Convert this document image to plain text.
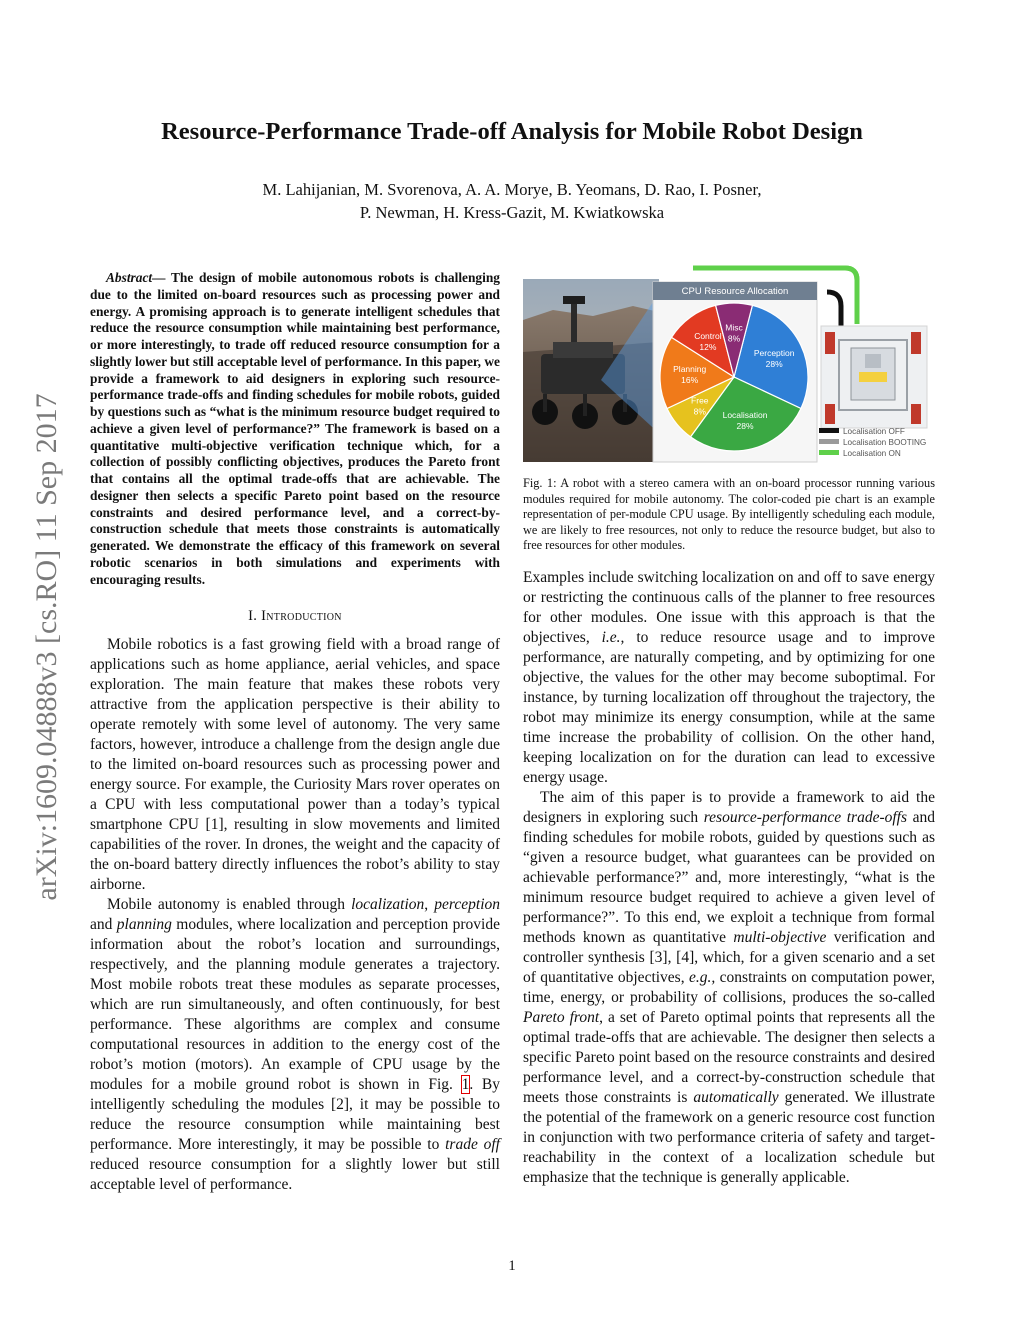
arXiv:1609.04888v3 [cs.RO] 11 Sep 2017
Resource-Performance Trade-off Analysis for Mobile Robot Design
M. Lahijanian, M. Svorenova, A. A. Morye, B. Yeomans, D. Rao, I. Posner,
P. Newman, H. Kress-Gazit, M. Kwiatkowska

Abstract— The design of mobile autonomous robots is challenging due to the limited on-board resources such as processing power and energy. A promising approach is to generate intelligent schedules that reduce the resource consumption while maintaining best performance, or more interestingly, to trade off reduced resource consumption for a slightly lower but still acceptable level of performance. In this paper, we provide a framework to aid designers in exploring such resource-performance trade-offs and finding schedules for mobile robots, guided by questions such as “what is the minimum resource budget required to achieve a given level of performance?” The framework is based on a quantitative multi-objective verification technique which, for a collection of possibly conflicting objectives, produces the Pareto front that contains all the optimal trade-offs that are achievable. The designer then selects a specific Pareto point based on the resource constraints and desired performance level, and a correct-by-construction schedule that meets those constraints is automatically generated. We demonstrate the efficacy of this framework on several robotic scenarios in both simulations and experiments with encouraging results.

I. Introduction

Mobile robotics is a fast growing field with a broad range of applications such as home appliance, aerial vehicles, and space exploration. The main feature that makes these robots very attractive from the application perspective is their ability to operate remotely with some level of autonomy. The very same factors, however, introduce a challenge from the design angle due to the limited on-board resources such as processing power and energy source. For example, the Curiosity Mars rover operates on a CPU with less computational power than a today’s typical smartphone CPU [1], resulting in slow movements and limited capabilities of the rover. In drones, the weight and the capacity of the on-board battery directly influences the robot’s ability to stay airborne.

Mobile autonomy is enabled through localization, perception and planning modules, where localization and perception provide information about the robot’s location and surroundings, respectively, and the planning module generates a trajectory. Most mobile robots treat these modules as separate processes, which are run simultaneously, and often continuously, for best performance. These algorithms are complex and consume computational resources in addition to the energy cost of the robot’s motion (motors). An example of CPU usage by the modules for a mobile ground robot is shown in Fig. 1. By intelligently scheduling the modules [2], it may be possible to reduce the resource consumption while maintaining best performance. More interestingly, it may be possible to trade off reduced resource consumption for a slightly lower but still acceptable level of performance.

CPU Resource Allocation
Perception
28%
Localisation
28%
Free
8%
Planning
16%
Control
12%
Misc
8%
Localisation OFF
Localisation BOOTING
Localisation ON
Fig. 1: A robot with a stereo camera with an on-board processor running various modules required for mobile autonomy. The color-coded pie chart is an example representation of per-module CPU usage. By intelligently scheduling each module, we are likely to free resources, not only to reduce the resource budget, but also to free resources for other modules.

Examples include switching localization on and off to save energy or restricting the continuous calls of the planner to free resources for other modules. One issue with this approach is that the objectives, i.e., to reduce resource usage and to improve performance, are naturally competing, and by optimizing for one objective, the values for the other may become suboptimal. For instance, by turning localization off throughout the trajectory, the robot may minimize its energy consumption, while at the same time increase the probability of collision. On the other hand, keeping localization on for the duration can lead to excessive energy usage.

The aim of this paper is to provide a framework to aid the designers in exploring such resource-performance trade-offs and finding schedules for mobile robots, guided by questions such as “given a resource budget, what guarantees can be provided on achievable performance?” and, more interestingly, “what is the minimum resource budget required to achieve a given level of performance?”. To this end, we exploit a technique from formal methods known as quantitative multi-objective verification and controller synthesis [3], [4], which, for a given scenario and a set of quantitative objectives, e.g., constraints on computation power, time, energy, or probability of collisions, produces the so-called Pareto front, a set of Pareto optimal points that represents all the optimal trade-offs that are achievable. The designer then selects a specific Pareto point based on the resource constraints and desired performance level, and a correct-by-construction schedule that meets those constraints is automatically generated. We illustrate the potential of the framework on a generic resource cost function in conjunction with two performance criteria of safety and targetreachability in the context of a localization schedule but emphasize that the technique is generally applicable.

1
